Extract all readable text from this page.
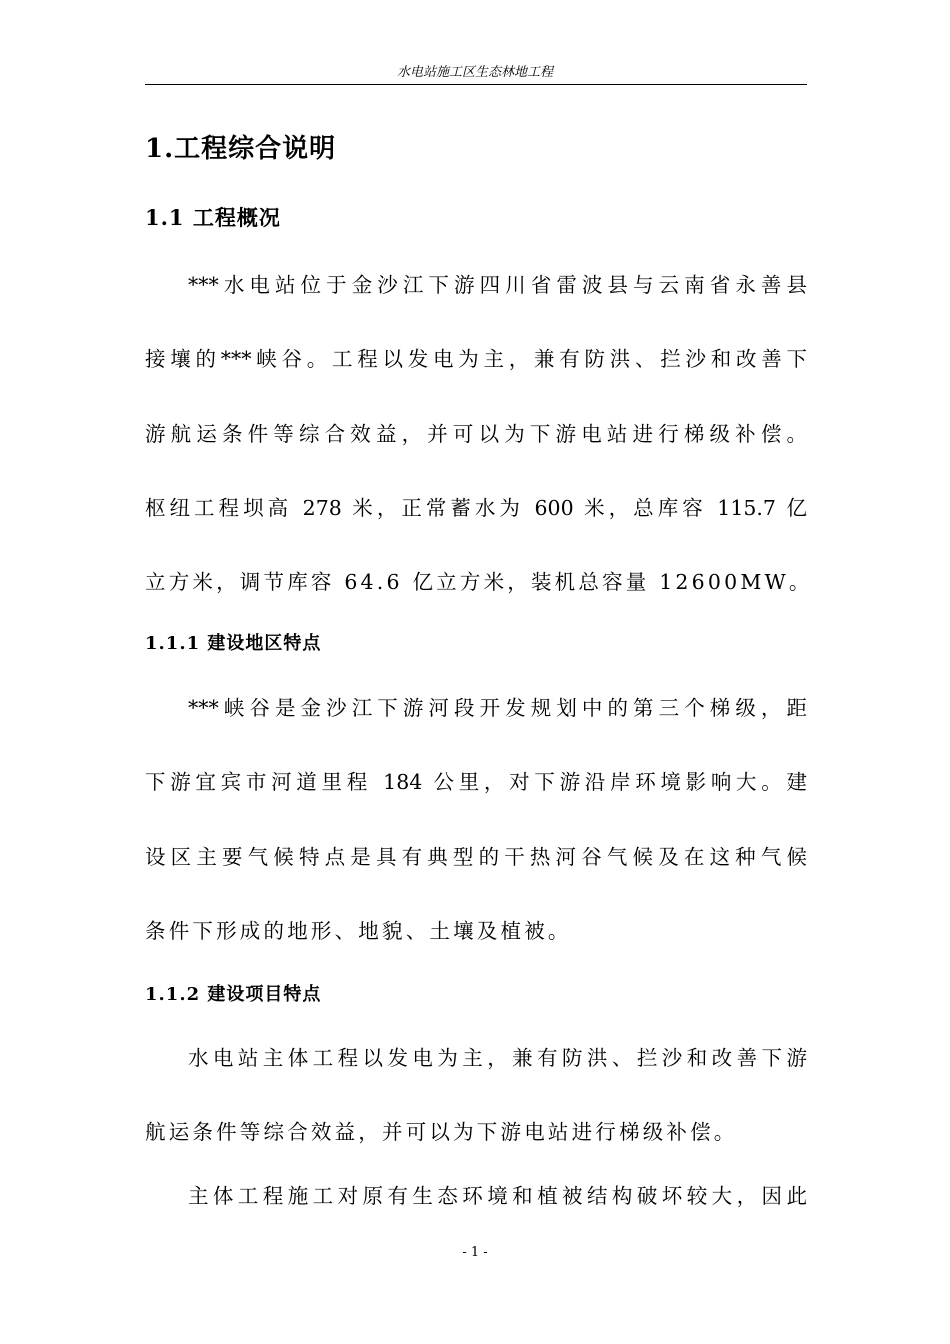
水电站施工区生态林地工程
1.工程综合说明
1.1 工程概况
***水电站位于金沙江下游四川省雷波县与云南省永善县
接壤的***峡谷。工程以发电为主，兼有防洪、拦沙和改善下
游航运条件等综合效益，并可以为下游电站进行梯级补偿。
枢纽工程坝高 278 米，正常蓄水为 600 米，总库容 115.7 亿
立方米，调节库容 64.6 亿立方米，装机总容量 12600MW。
1.1.1 建设地区特点
***峡谷是金沙江下游河段开发规划中的第三个梯级，距
下游宜宾市河道里程 184 公里，对下游沿岸环境影响大。建
设区主要气候特点是具有典型的干热河谷气候及在这种气候
条件下形成的地形、地貌、土壤及植被。
1.1.2 建设项目特点
水电站主体工程以发电为主，兼有防洪、拦沙和改善下游
航运条件等综合效益，并可以为下游电站进行梯级补偿。
主体工程施工对原有生态环境和植被结构破坏较大，因此
- 1 -
